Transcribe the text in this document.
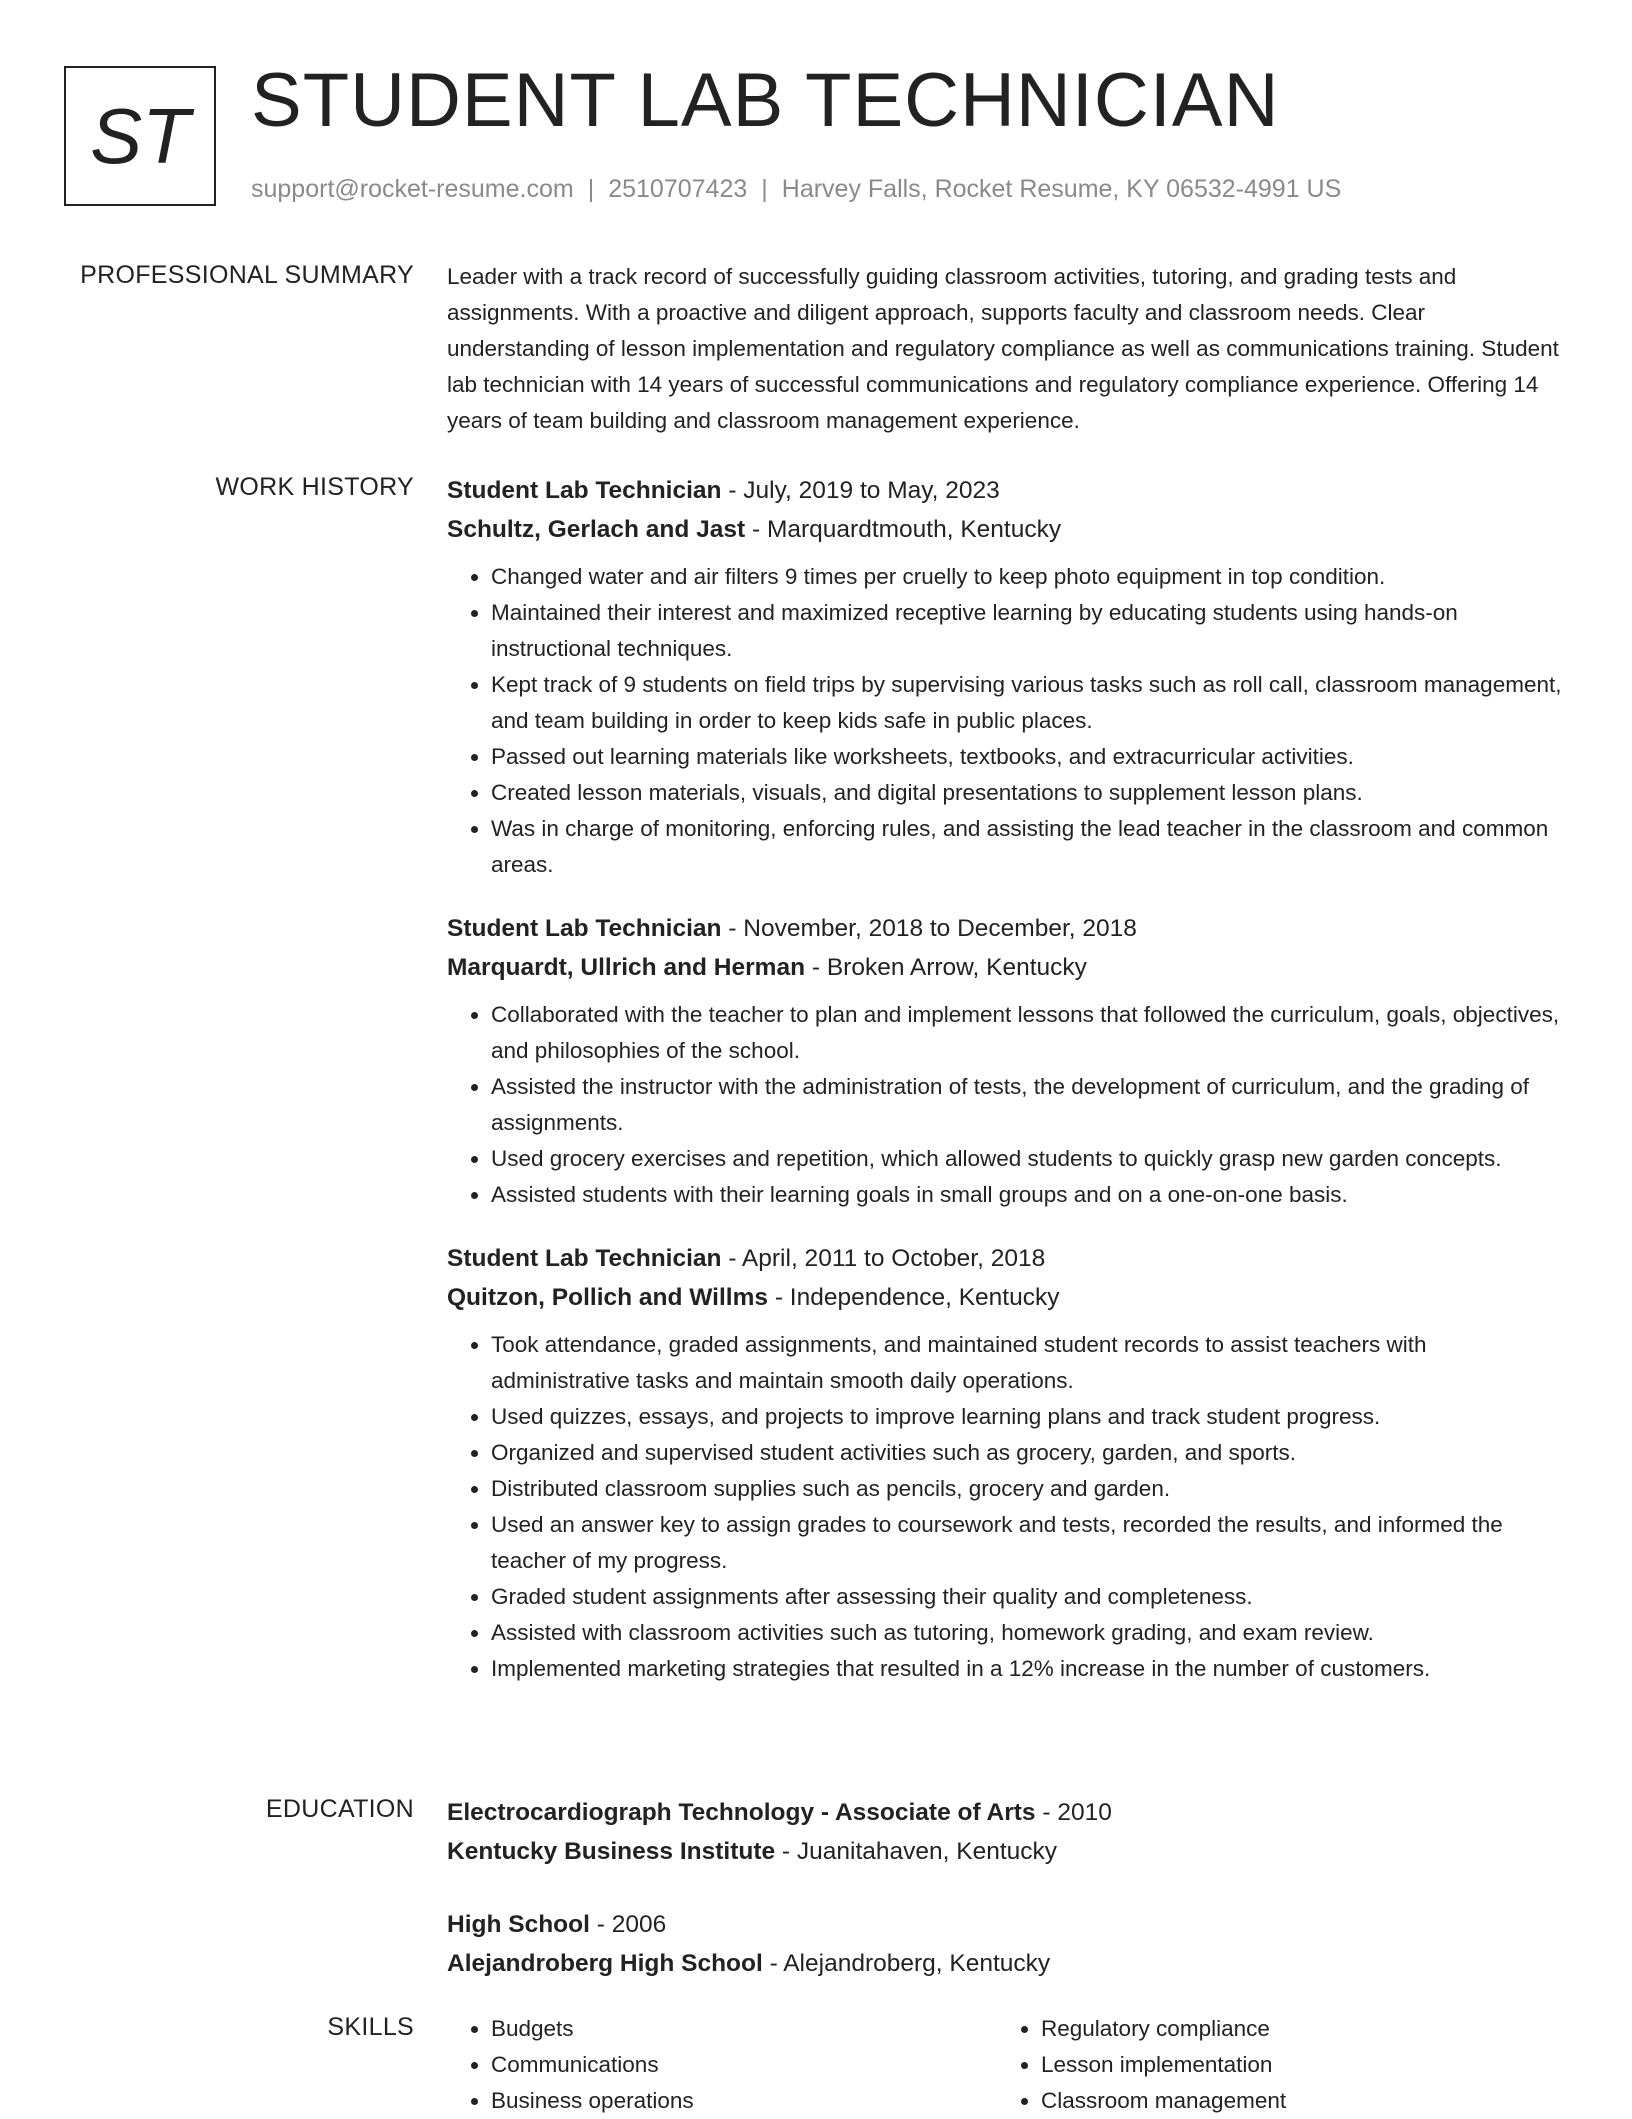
ST STUDENT LAB TECHNICIAN
support@rocket-resume.com | 2510707423 | Harvey Falls, Rocket Resume, KY 06532-4991 US
PROFESSIONAL SUMMARY Leader with a track record of successfully guiding classroom activities, tutoring, and grading tests and assignments. With a proactive and diligent approach, supports faculty and classroom needs. Clear understanding of lesson implementation and regulatory compliance as well as communications training. Student lab technician with 14 years of successful communications and regulatory compliance experience. Offering 14 years of team building and classroom management experience.

WORK HISTORY Student Lab Technician - July, 2019 to May, 2023
Schultz, Gerlach and Jast - Marquardtmouth, Kentucky
• Changed water and air filters 9 times per cruelly to keep photo equipment in top condition.
• Maintained their interest and maximized receptive learning by educating students using hands-on instructional techniques.
• Kept track of 9 students on field trips by supervising various tasks such as roll call, classroom management, and team building in order to keep kids safe in public places.
• Passed out learning materials like worksheets, textbooks, and extracurricular activities.
• Created lesson materials, visuals, and digital presentations to supplement lesson plans.
• Was in charge of monitoring, enforcing rules, and assisting the lead teacher in the classroom and common areas.
Student Lab Technician - November, 2018 to December, 2018
Marquardt, Ullrich and Herman - Broken Arrow, Kentucky
• Collaborated with the teacher to plan and implement lessons that followed the curriculum, goals, objectives, and philosophies of the school.
• Assisted the instructor with the administration of tests, the development of curriculum, and the grading of assignments.
• Used grocery exercises and repetition, which allowed students to quickly grasp new garden concepts.
• Assisted students with their learning goals in small groups and on a one-on-one basis.
Student Lab Technician - April, 2011 to October, 2018
Quitzon, Pollich and Willms - Independence, Kentucky
• Took attendance, graded assignments, and maintained student records to assist teachers with administrative tasks and maintain smooth daily operations.
• Used quizzes, essays, and projects to improve learning plans and track student progress.
• Organized and supervised student activities such as grocery, garden, and sports.
• Distributed classroom supplies such as pencils, grocery and garden.
• Used an answer key to assign grades to coursework and tests, recorded the results, and informed the teacher of my progress.
• Graded student assignments after assessing their quality and completeness.
• Assisted with classroom activities such as tutoring, homework grading, and exam review.
• Implemented marketing strategies that resulted in a 12% increase in the number of customers.
EDUCATION Electrocardiograph Technology - Associate of Arts - 2010
Kentucky Business Institute - Juanitahaven, Kentucky
High School - 2006
Alejandroberg High School - Alejandroberg, Kentucky
SKILLS
•	Budgets
• Communications
• Business operations
• Regulatory compliance
• Lesson implementation
• Classroom management
